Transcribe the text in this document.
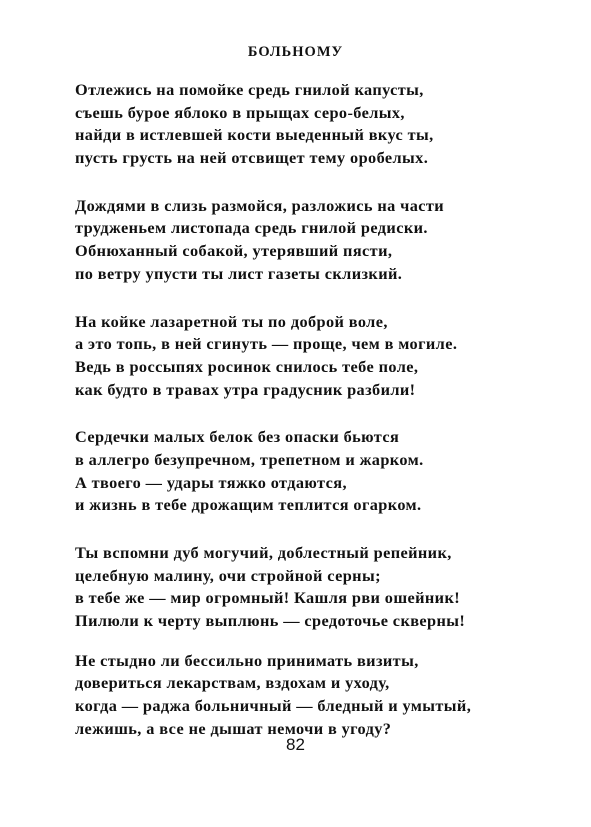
БОЛЬНОМУ
Отлежись на помойке средь гнилой капусты,
съешь бурое яблоко в прыщах серо-белых,
найди в истлевшей кости выеденный вкус ты,
пусть грусть на ней отсвищет тему оробелых.
Дождями в слизь размойся, разложись на части
трудженьем листопада средь гнилой редиски.
Обнюханный собакой, утерявший пясти,
по ветру упусти ты лист газеты склизкий.
На койке лазаретной ты по доброй воле,
а это топь, в ней сгинуть — проще, чем в могиле.
Ведь в россыпях росинок снилось тебе поле,
как будто в травах утра градусник разбили!
Сердечки малых белок без опаски бьются
в аллегро безупречном, трепетном и жарком.
А твоего — удары тяжко отдаются,
и жизнь в тебе дрожащим теплится огарком.
Ты вспомни дуб могучий, доблестный репейник,
целебную малину, очи стройной серны;
в тебе же — мир огромный! Кашля рви ошейник!
Пилюли к черту выплюнь — средоточье скверны!
Не стыдно ли бессильно принимать визиты,
довериться лекарствам, вздохам и уходу,
когда — раджа больничный — бледный и умытый,
лежишь, а все не дышат немочи в угоду?
82
